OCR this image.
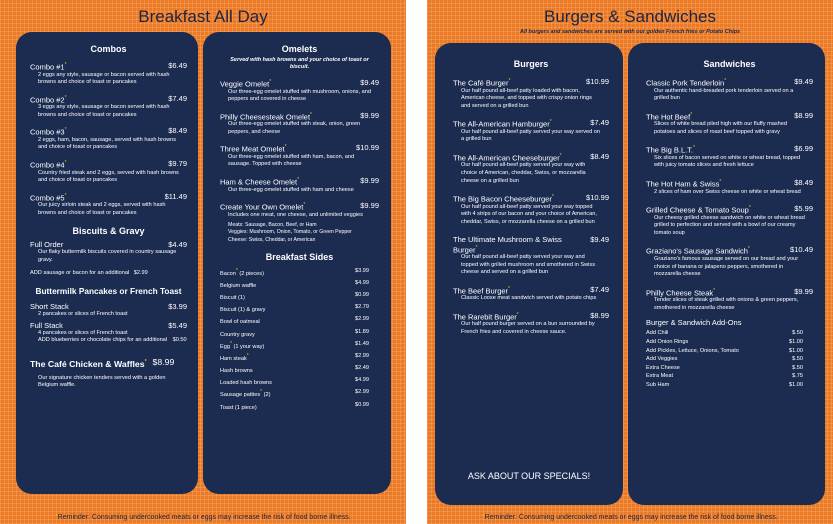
Breakfast All Day
Combos
Combo #1*	$6.49
2 eggs any style, sausage or bacon served with hash browns and choice of toast or pancakes
Combo #2*	$7.49
3 eggs any style, sausage or bacon served with hash browns and choice of toast or pancakes
Combo #3*	$8.49
2 eggs, ham, bacon, sausage, served with hash browns and choice of toast or pancakes
Combo #4*	$9.79
Country fried steak and 2 eggs, served with hash browns and choice of toast or pancakes
Combo #5*	$11.49
Our juicy sirloin steak and 2 eggs, served with hash browns and choice of toast or pancakes
Biscuits & Gravy
Full Order	$4.49
Our flaky buttermilk biscuits covered in country sausage gravy.
ADD sausage or bacon for an additional $2.99
Buttermilk Pancakes or French Toast
Short Stack	$3.99
2 pancakes or slices of French toast
Full Stack	$5.49
4 pancakes or slices of French toast
ADD blueberries or chocolate chips for an additional $0.50
The Café Chicken & Waffles* $8.99
Our signature chicken tenders served with a golden Belgium waffle.
Omelets
Served with hash browns and your choice of toast or biscuit.
Veggie Omelet*	$9.49
Our three-egg omelet stuffed with mushroom, onions, and peppers and covered in cheese
Philly Cheesesteak Omelet*	$9.99
Our three-egg omelet stuffed with steak, onion, green peppers, and cheese
Three Meat Omelet*	$10.99
Our three-egg omelet stuffed with ham, bacon, and sausage. Topped with cheese
Ham & Cheese Omelet*	$9.99
Our three-egg omelet stuffed with ham and cheese
Create Your Own Omelet*	$9.99
Includes one meat, one cheese, and unlimited veggies
Meats: Sausage, Bacon, Beef, or Ham
Veggies: Mushroom, Onion, Tomato, or Green Pepper
Cheese: Swiss, Cheddar, or American
Breakfast Sides
Bacon* (2 pieces)	$3.99
Belgium waffle	$4.99
Biscuit (1)	$0.99
Biscuit (1) & gravy	$2.79
Bowl of oatmeal	$2.99
Country gravy	$1.89
Egg* (1 your way)	$1.49
Ham steak*	$2.99
Hash browns	$2.49
Loaded hash browns	$4.99
Sausage patties* (2)	$2.99
Toast (1 piece)	$0.99
*Reminder: Consuming undercooked meats or eggs may increase the risk of food borne illness.
Burgers & Sandwiches
All burgers and sandwiches are served with our golden French fries or Potato Chips
Burgers
The Café Burger*	$10.99
Our half pound all-beef patty loaded with bacon, American cheese, and topped with crispy onion rings and served on a grilled bun
The All-American Hamburger*	$7.49
Our half pound all-beef patty served your way served on a grilled bun
The All-American Cheeseburger*	$8.49
Our half pound all-beef patty served your way with choice of American, cheddar, Swiss, or mozzarella cheese on a grilled bun
The Big Bacon Cheeseburger*	$10.99
Our half pound all-beef patty served your way topped with 4 strips of our bacon and your choice of American, cheddar, Swiss, or mozzarella cheese on a grilled bun
The Ultimate Mushroom & Swiss Burger*
$9.49
Our half pound all-beef patty served your way and topped with grilled mushroom and smothered in Swiss cheese and served on a grilled bun
The Beef Burger*	$7.49
Classic Loose meat sandwich served with potato chips
The Rarebit Burger*	$8.99
Our half pound burger served on a bun surrounded by French fries and covered in cheese sauce.
ASK ABOUT OUR SPECIALS!
Sandwiches
Classic Pork Tenderloin*	$9.49
Our authentic hand-breaded pork tenderloin served on a grilled bun
The Hot Beef*	$8.99
Slices of white bread piled high with our fluffy mashed potatoes and slices of roast beef topped with gravy
The Big B.L.T.*	$6.99
Six slices of bacon served on white or wheat bread, topped with juicy tomato slices and fresh lettuce
The Hot Ham & Swiss*	$8.49
2 slices of ham over Swiss cheese on white or wheat bread
Grilled Cheese & Tomato Soup*	$5.99
Our cheesy grilled cheese sandwich on white or wheat bread grilled to perfection and served with a bowl of our creamy tomato soup
Graziano's Sausage Sandwich*	$10.49
Graziano's famous sausage served on our bread and your choice of banana or jalapeno peppers, smothered in mozzarella cheese
Philly Cheese Steak*	$9.99
Tender slices of steak grilled with onions & green peppers, smothered in mozzarella cheese
Burger & Sandwich Add-Ons
Add Chili	$.50
Add Onion Rings	$1.00
Add Pickles, Lettuce, Onions, Tomato	$1.00
Add Veggies	$.50
Extra Cheese	$.50
Extra Meat	$.75
Sub Ham	$1.00
*Reminder: Consuming undercooked meats or eggs may increase the risk of food borne illness.
